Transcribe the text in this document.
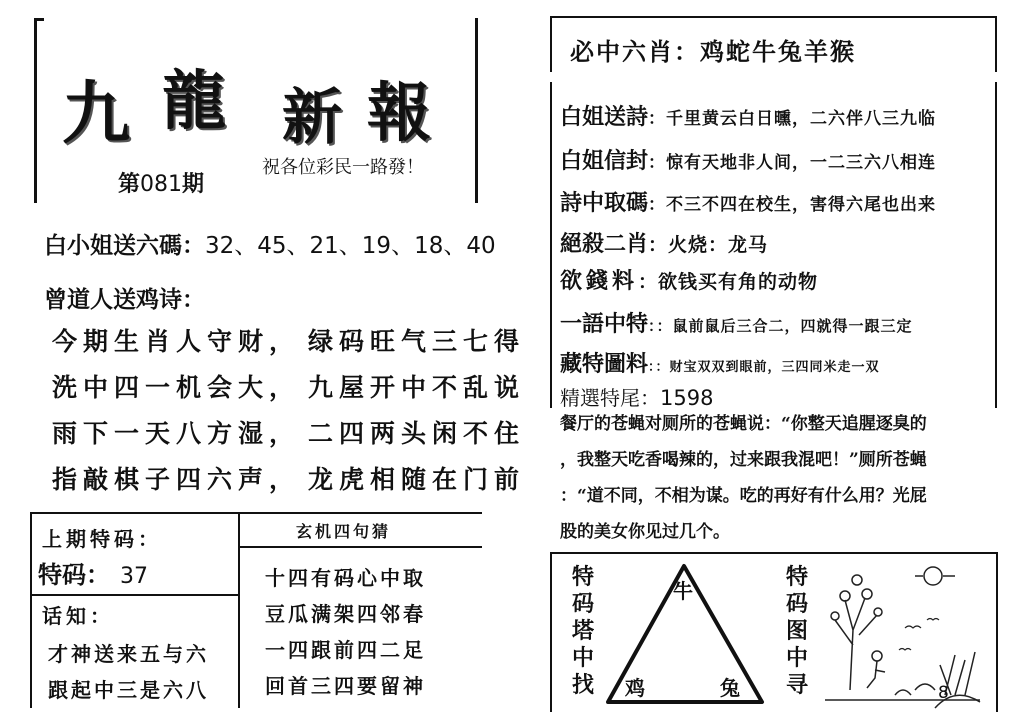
九 龍 新 報
第081期
祝各位彩民一路發！
白小姐送六碼：32、45、21、19、18、40
曾道人送鸡诗：
今期生肖人守财， 绿码旺气三七得
洗中四一机会大， 九屋开中不乱说
雨下一天八方湿， 二四两头闲不住
指敲棋子四六声， 龙虎相随在门前
上期特码：
特码： 37
话知：
才神送来五与六
跟起中三是六八
玄机四句猜
十四有码心中取
豆瓜满架四邻春
一四跟前四二足
回首三四要留神
必中六肖：鸡蛇牛兔羊猴
白姐送詩：千里黄云白日曛，二六伴八三九临
白姐信封：惊有天地非人间，一二三六八相连
詩中取碼：不三不四在校生，害得六尾也出来
絕殺二肖：火烧：龙马
欲錢料：欲钱买有角的动物
一語中特：：鼠前鼠后三合二，四就得一跟三定
藏特圖料：：财宝双双到眼前，三四同米走一双
精選特尾：1598
餐厅的苍蝇对厕所的苍蝇说：“你整天追腥逐臭的
，我整天吃香喝辣的，过来跟我混吧！”厕所苍蝇
：“道不同，不相为谋。吃的再好有什么用？光屁
股的美女你见过几个。
特
码
塔
中
找
牛
鸡	兔
特
码
图
中
寻	8
